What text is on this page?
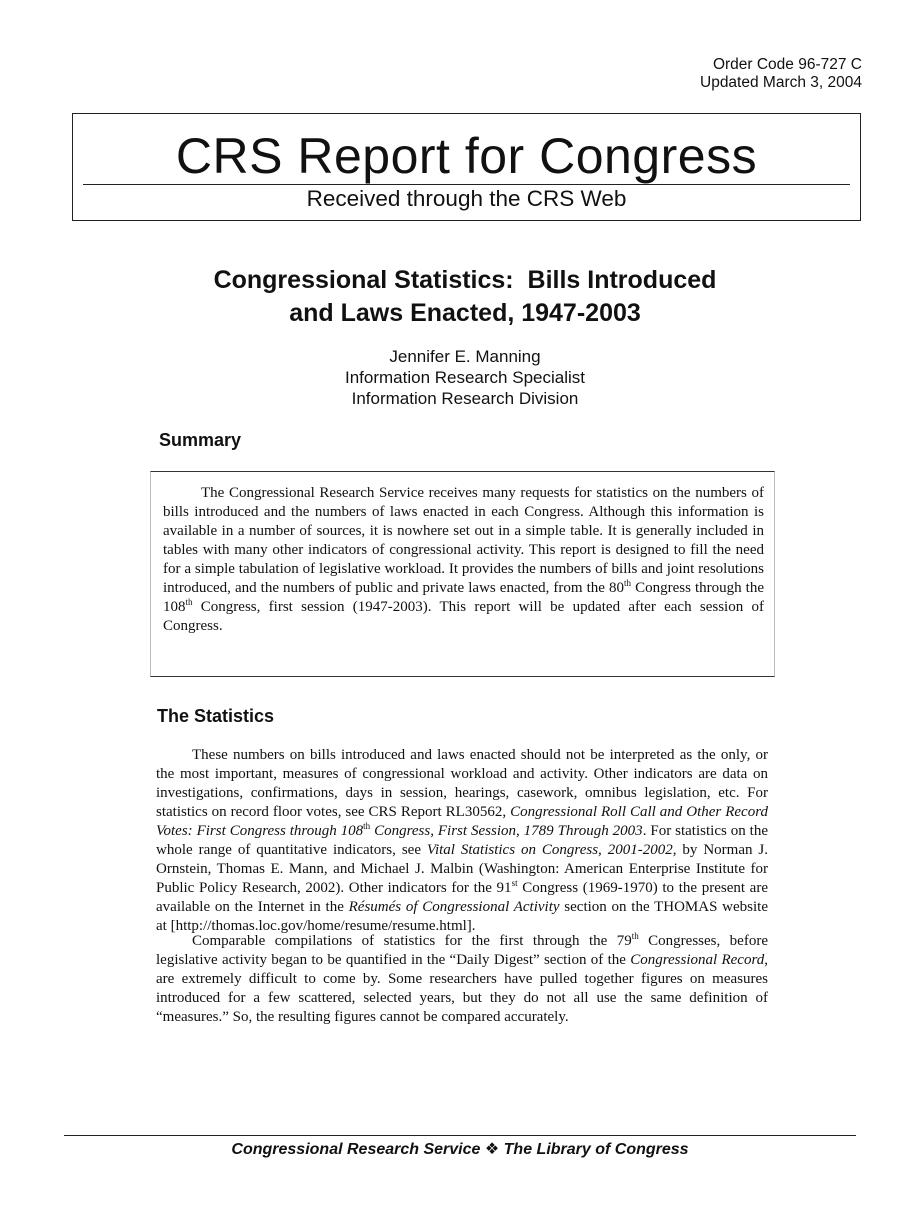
Order Code 96-727 C
Updated March 3, 2004
CRS Report for Congress
Received through the CRS Web
Congressional Statistics:  Bills Introduced
and Laws Enacted, 1947-2003
Jennifer E. Manning
Information Research Specialist
Information Research Division
Summary

The Congressional Research Service receives many requests for statistics on the numbers of bills introduced and the numbers of laws enacted in each Congress. Although this information is available in a number of sources, it is nowhere set out in a simple table. It is generally included in tables with many other indicators of congressional activity. This report is designed to fill the need for a simple tabulation of legislative workload. It provides the numbers of bills and joint resolutions introduced, and the numbers of public and private laws enacted, from the 80th Congress through the 108th Congress, first session (1947-2003). This report will be updated after each session of Congress.

The Statistics

These numbers on bills introduced and laws enacted should not be interpreted as the only, or the most important, measures of congressional workload and activity. Other indicators are data on investigations, confirmations, days in session, hearings, casework, omnibus legislation, etc. For statistics on record floor votes, see CRS Report RL30562, Congressional Roll Call and Other Record Votes: First Congress through 108th Congress, First Session, 1789 Through 2003. For statistics on the whole range of quantitative indicators, see Vital Statistics on Congress, 2001-2002, by Norman J. Ornstein, Thomas E. Mann, and Michael J. Malbin (Washington: American Enterprise Institute for Public Policy Research, 2002). Other indicators for the 91st Congress (1969-1970) to the present are available on the Internet in the Résumés of Congressional Activity section on the THOMAS website at [http://thomas.loc.gov/home/resume/resume.html].

Comparable compilations of statistics for the first through the 79th Congresses, before legislative activity began to be quantified in the “Daily Digest” section of the Congressional Record, are extremely difficult to come by. Some researchers have pulled together figures on measures introduced for a few scattered, selected years, but they do not all use the same definition of “measures.” So, the resulting figures cannot be compared accurately.

Congressional Research Service ❖ The Library of Congress
